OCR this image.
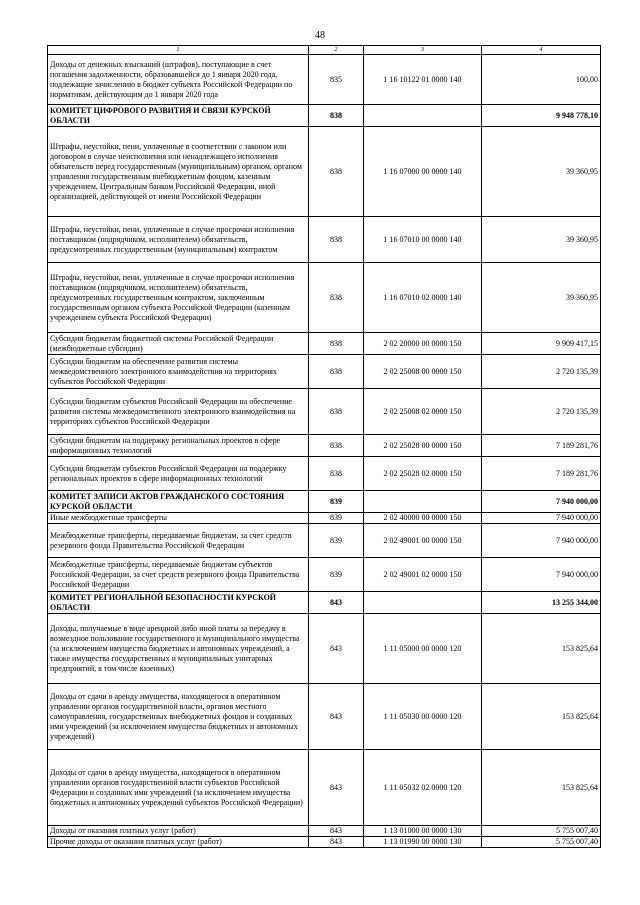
48
1	2	3	4
Доходы от денежных взысканий (штрафов), поступающие в счет погашения задолженности, образовавшейся до 1 января 2020 года, подлежащие зачислению в бюджет субъекта Российской Федерации по нормативам, действующим до 1 января 2020 года	835	1 16 10122 01 0000 140	100,00
КОМИТЕТ ЦИФРОВОГО РАЗВИТИЯ И СВЯЗИ КУРСКОЙ ОБЛАСТИ	838		9 948 778,10
Штрафы, неустойки, пени, уплаченные в соответствии с законом или договором в случае неисполнения или ненадлежащего исполнения обязательств перед государственным (муниципальным) органом, органом управления государственным внебюджетным фондом, казенным учреждением, Центральным банком Российской Федерации, иной организацией, действующей от имени Российской Федерации	838	1 16 07000 00 0000 140	39 360,95
Штрафы, неустойки, пени, уплаченные в случае просрочки исполнения поставщиком (подрядчиком, исполнителем) обязательств, предусмотренных государственным (муниципальным) контрактом	838	1 16 07010 00 0000 140	39 360,95
Штрафы, неустойки, пени, уплаченные в случае просрочки исполнения поставщиком (подрядчиком, исполнителем) обязательств, предусмотренных государственным контрактом, заключенным государственным органом субъекта Российской Федерации (казенным учреждением субъекта Российской Федерации)	838	1 16 07010 02 0000 140	39 360,95
Субсидии бюджетам бюджетной системы Российской Федерации (межбюджетные субсидии)	838	2 02 20000 00 0000 150	9 909 417,15
Субсидии бюджетам на обеспечение развития системы межведомственного электронного взаимодействия на территориях субъектов Российской Федерации	838	2 02 25008 00 0000 150	2 720 135,39
Субсидии бюджетам субъектов Российской Федерации на обеспечение развития системы межведомственного электронного взаимодействия на территориях субъектов Российской Федерации	838	2 02 25008 02 0000 150	2 720 135,39
Субсидии бюджетам на поддержку региональных проектов в сфере информационных технологий	838	2 02 25028 00 0000 150	7 189 281,76
Субсидии бюджетам субъектов Российской Федерации на поддержку региональных проектов в сфере информационных технологий	838	2 02 25028 02 0000 150	7 189 281,76
КОМИТЕТ ЗАПИСИ АКТОВ ГРАЖДАНСКОГО СОСТОЯНИЯ КУРСКОЙ ОБЛАСТИ	839		7 940 000,00
Иные межбюджетные трансферты	839	2 02 40000 00 0000 150	7 940 000,00
Межбюджетные трансферты, передаваемые бюджетам, за счет средств резервного фонда Правительства Российской Федерации	839	2 02 49001 00 0000 150	7 940 000,00
Межбюджетные трансферты, передаваемые бюджетам субъектов Российской Федерации, за счет средств резервного фонда Правительства Российской Федерации	839	2 02 49001 02 0000 150	7 940 000,00
КОМИТЕТ РЕГИОНАЛЬНОЙ БЕЗОПАСНОСТИ КУРСКОЙ ОБЛАСТИ	843		13 255 344,00
Доходы, получаемые в виде арендной либо иной платы за передачу в возмездное пользование государственного и муниципального имущества (за исключением имущества бюджетных и автономных учреждений, а также имущества государственных и муниципальных унитарных предприятий, в том числе казенных)	843	1 11 05000 00 0000 120	153 825,64
Доходы от сдачи в аренду имущества, находящегося в оперативном управлении органов государственной власти, органов местного самоуправления, государственных внебюджетных фондов и созданных ими учреждений (за исключением имущества бюджетных и автономных учреждений)	843	1 11 05030 00 0000 120	153 825,64
Доходы от сдачи в аренду имущества, находящегося в оперативном управлении органов государственной власти субъектов Российской Федерации и созданных ими учреждений (за исключением имущества бюджетных и автономных учреждений субъектов Российской Федерации)	843	1 11 05032 02 0000 120	153 825,64
Доходы от оказания платных услуг (работ)	843	1 13 01000 00 0000 130	5 755 007,40
Прочие доходы от оказания платных услуг (работ)	843	1 13 01990 00 0000 130	5 755 007,40
